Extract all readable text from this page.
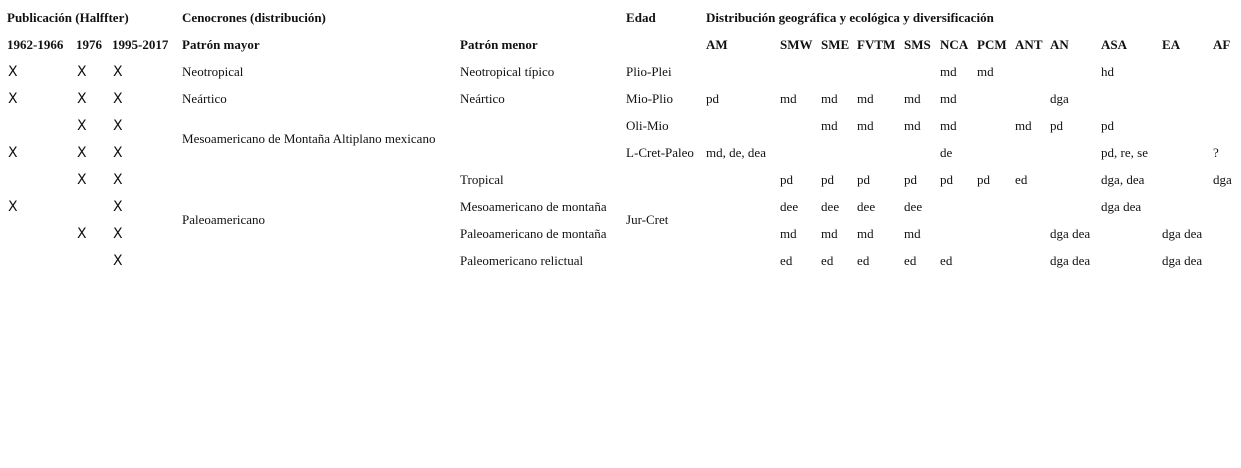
Publicación (Halffter)			Cenocrones (distribución)		Edad	Distribución geográfica y ecológica y diversificación											
1962-1966	1976	1995-2017	Patrón mayor	Patrón menor		AM	SMW	SME	FVTM	SMS	NCA	PCM	ANT	AN	ASA	EA	AF
X	X	X	Neotropical	Neotropical típico	Plio-Plei						md	md			hd		
X	X	X	Neártico	Neártico	Mio-Plio	pd	md	md	md	md	md			dga			
	X	X	Mesoamericano de Montaña Altiplano mexicano		Oli-Mio			md	md	md	md		md	pd	pd		
X	X	X			L-Cret-Paleo	md, de, dea					de				pd, re, se		?
	X	X	Paleoamericano	Tropical	Jur-Cret		pd	pd	pd	pd	pd	pd	ed		dga, dea		dga
X		X		Mesoamericano de montaña			dee	dee	dee	dee					dga dea		
	X	X		Paleoamericano de montaña			md	md	md	md				dga dea		dga dea	
		X		Paleomericano relictual			ed	ed	ed	ed	ed			dga dea		dga dea	
